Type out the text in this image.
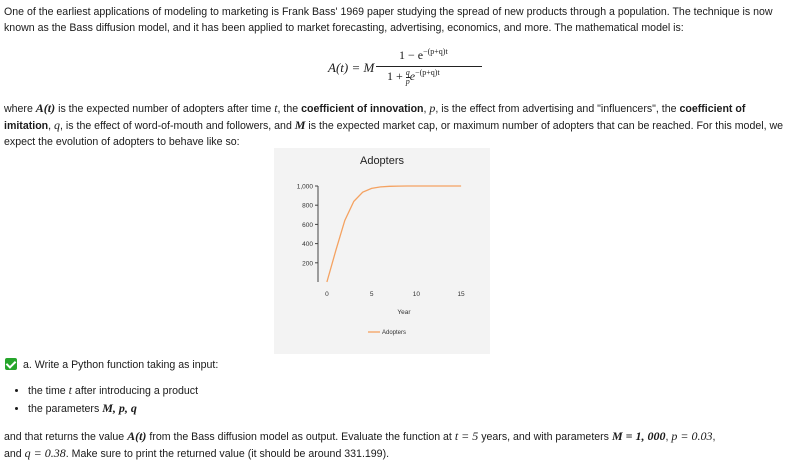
One of the earliest applications of modeling to marketing is Frank Bass' 1969 paper studying the spread of new products through a population. The technique is now known as the Bass diffusion model, and it has been applied to market forecasting, advertising, economics, and more. The mathematical model is:
A(t) = M
$1 - e^{-(p+q)t}$
$1 + \frac{q}{p} e^{-(p+q)t}$
where A(t) is the expected number of adopters after time t, the coefficient of innovation, p, is the effect from advertising and "influencers", the coefficient of imitation, q, is the effect of word-of-mouth and followers, and M is the expected market cap, or maximum number of adopters that can be reached. For this model, we expect the evolution of adopters to behave like so:
Adopters
200
400
600
800
1,000
0	5	10	15
Year
Adopters
a. Write a Python function taking as input:
• the time t after introducing a product
• the parameters M, p, q
and that returns the value A(t) from the Bass diffusion model as output. Evaluate the function at t = 5 years, and with parameters M = 1, 000, p = 0.03,
and q = 0.38. Make sure to print the returned value (it should be around 331.199).
